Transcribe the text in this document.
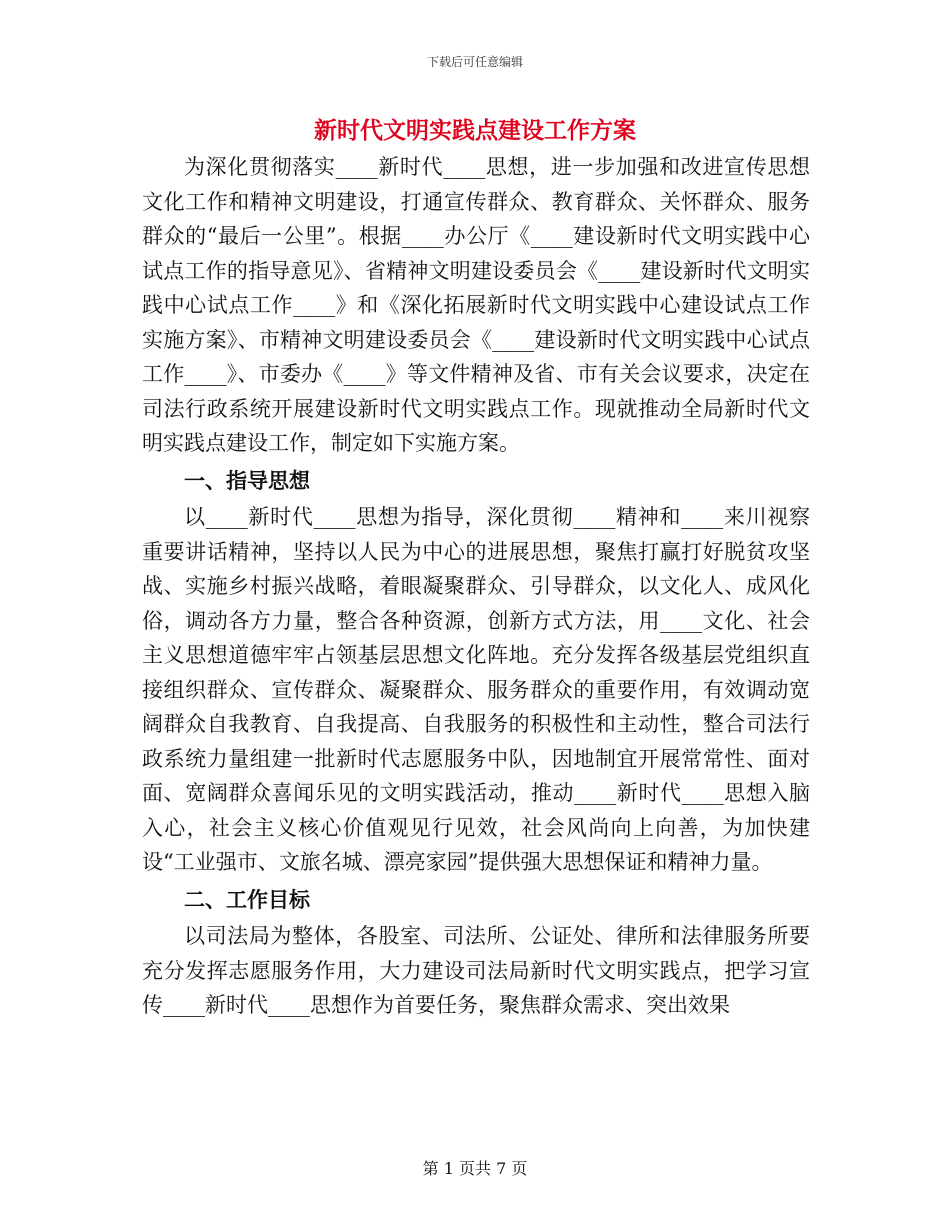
下载后可任意编辑
新时代文明实践点建设工作方案

为深化贯彻落实____新时代____思想，进一步加强和改进宣传思想文化工作和精神文明建设，打通宣传群众、教育群众、关怀群众、服务群众的“最后一公里”。根据____办公厅《____建设新时代文明实践中心试点工作的指导意见》、省精神文明建设委员会《____建设新时代文明实践中心试点工作____》和《深化拓展新时代文明实践中心建设试点工作实施方案》、市精神文明建设委员会《____建设新时代文明实践中心试点工作____》、市委办《____》等文件精神及省、市有关会议要求，决定在司法行政系统开展建设新时代文明实践点工作。现就推动全局新时代文明实践点建设工作，制定如下实施方案。

一、指导思想

以____新时代____思想为指导，深化贯彻____精神和____来川视察重要讲话精神，坚持以人民为中心的进展思想，聚焦打赢打好脱贫攻坚战、实施乡村振兴战略，着眼凝聚群众、引导群众，以文化人、成风化俗，调动各方力量，整合各种资源，创新方式方法，用____文化、社会主义思想道德牢牢占领基层思想文化阵地。充分发挥各级基层党组织直接组织群众、宣传群众、凝聚群众、服务群众的重要作用，有效调动宽阔群众自我教育、自我提高、自我服务的积极性和主动性，整合司法行政系统力量组建一批新时代志愿服务中队，因地制宜开展常常性、面对面、宽阔群众喜闻乐见的文明实践活动，推动____新时代____思想入脑入心，社会主义核心价值观见行见效，社会风尚向上向善，为加快建设“工业强市、文旅名城、漂亮家园”提供强大思想保证和精神力量。

二、工作目标

以司法局为整体，各股室、司法所、公证处、律所和法律服务所要充分发挥志愿服务作用，大力建设司法局新时代文明实践点，把学习宣传____新时代____思想作为首要任务，聚焦群众需求、突出效果

第 1 页共 7 页
